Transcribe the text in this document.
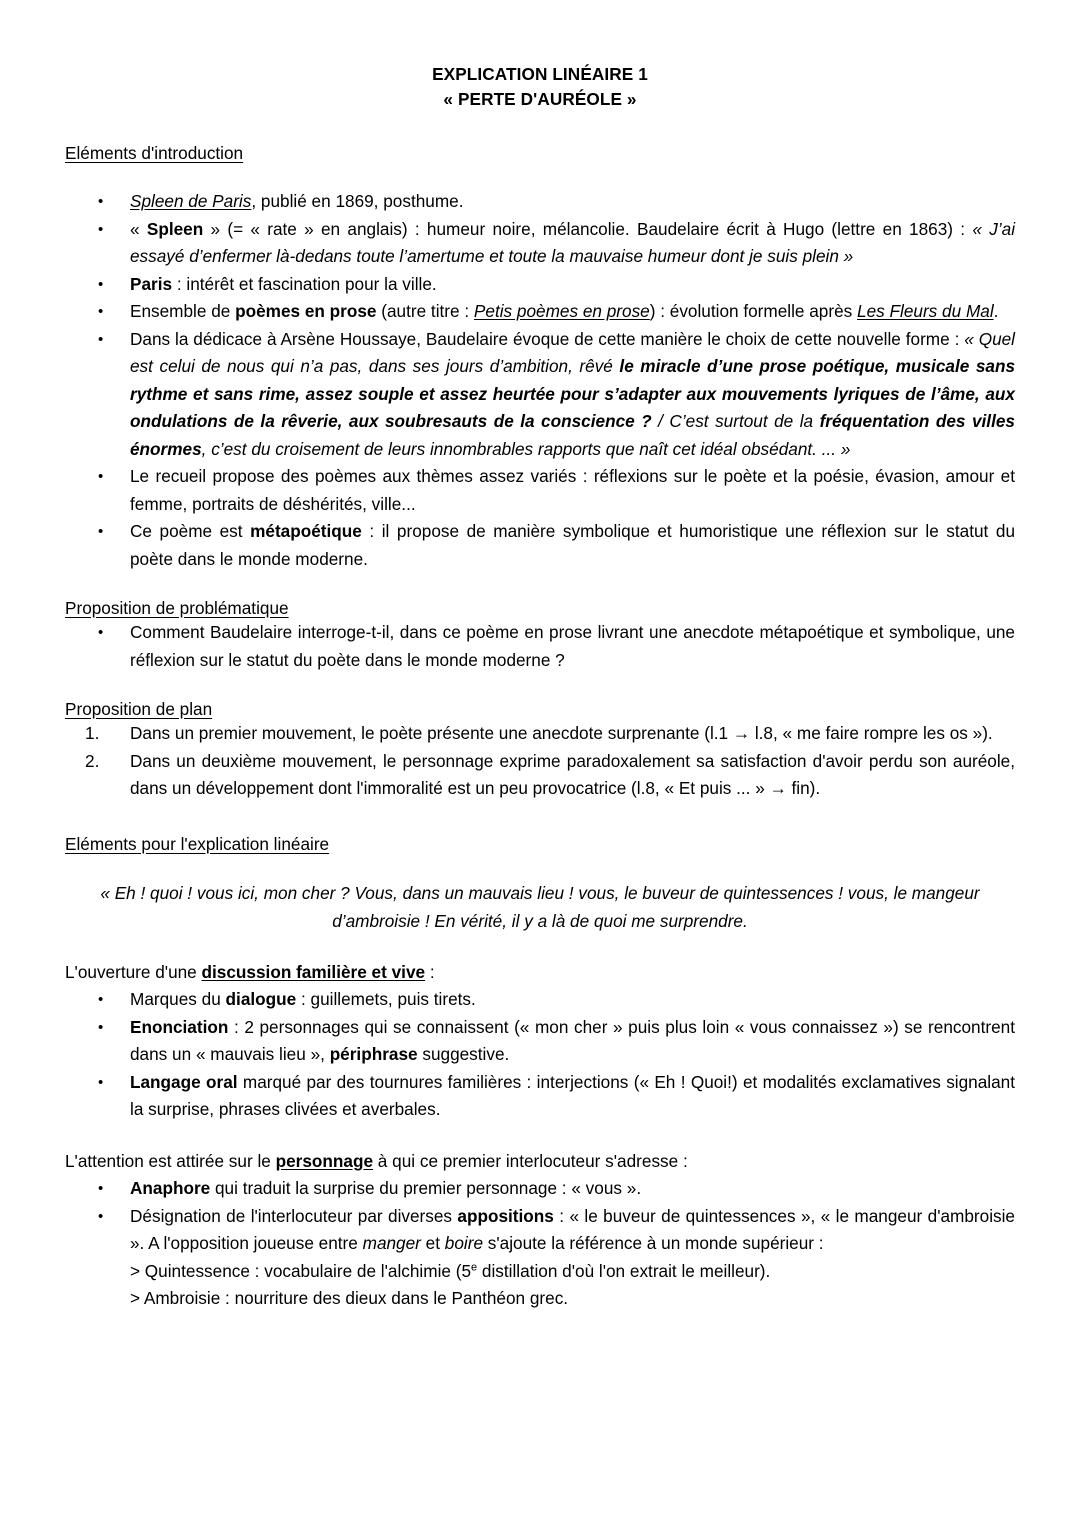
EXPLICATION LINÉAIRE 1
« PERTE D'AURÉOLE »
Eléments d'introduction
• Spleen de Paris, publié en 1869, posthume.
• « Spleen » (= « rate » en anglais) : humeur noire, mélancolie. Baudelaire écrit à Hugo (lettre en 1863) : « J’ai essayé d’enfermer là-dedans toute l’amertume et toute la mauvaise humeur dont je suis plein »
• Paris : intérêt et fascination pour la ville.
• Ensemble de poèmes en prose (autre titre : Petis poèmes en prose) : évolution formelle après Les Fleurs du Mal.
• Dans la dédicace à Arsène Houssaye, Baudelaire évoque de cette manière le choix de cette nouvelle forme : « Quel est celui de nous qui n’a pas, dans ses jours d’ambition, rêvé le miracle d’une prose poétique, musicale sans rythme et sans rime, assez souple et assez heurtée pour s’adapter aux mouvements lyriques de l’âme, aux ondulations de la rêverie, aux soubresauts de la conscience ? / C’est surtout de la fréquentation des villes énormes, c’est du croisement de leurs innombrables rapports que naît cet idéal obsédant. ... »
• Le recueil propose des poèmes aux thèmes assez variés : réflexions sur le poète et la poésie, évasion, amour et femme, portraits de déshérités, ville...
• Ce poème est métapoétique : il propose de manière symbolique et humoristique une réflexion sur le statut du poète dans le monde moderne.
Proposition de problématique
• Comment Baudelaire interroge-t-il, dans ce poème en prose livrant une anecdote métapoétique et symbolique, une réflexion sur le statut du poète dans le monde moderne ?
Proposition de plan
Dans un premier mouvement, le poète présente une anecdote surprenante (l.1 → l.8, « me faire rompre les os »).
Dans un deuxième mouvement, le personnage exprime paradoxalement sa satisfaction d'avoir perdu son auréole, dans un développement dont l'immoralité est un peu provocatrice (l.8, « Et puis ... » → fin).
Eléments pour l'explication linéaire
« Eh ! quoi ! vous ici, mon cher ? Vous, dans un mauvais lieu ! vous, le buveur de quintessences ! vous, le mangeur d’ambroisie ! En vérité, il y a là de quoi me surprendre.
L'ouverture d'une discussion familière et vive :
• Marques du dialogue : guillemets, puis tirets.
• Enonciation : 2 personnages qui se connaissent (« mon cher » puis plus loin « vous connaissez ») se rencontrent dans un « mauvais lieu », périphrase suggestive.
• Langage oral marqué par des tournures familières : interjections (« Eh ! Quoi!) et modalités exclamatives signalant la surprise, phrases clivées et averbales.
L'attention est attirée sur le personnage à qui ce premier interlocuteur s'adresse :
• Anaphore qui traduit la surprise du premier personnage : « vous ».
• Désignation de l'interlocuteur par diverses appositions : « le buveur de quintessences », « le mangeur d'ambroisie ». A l'opposition joueuse entre manger et boire s'ajoute la référence à un monde supérieur :
> Quintessence : vocabulaire de l'alchimie (5e distillation d'où l'on extrait le meilleur).
> Ambroisie : nourriture des dieux dans le Panthéon grec.
